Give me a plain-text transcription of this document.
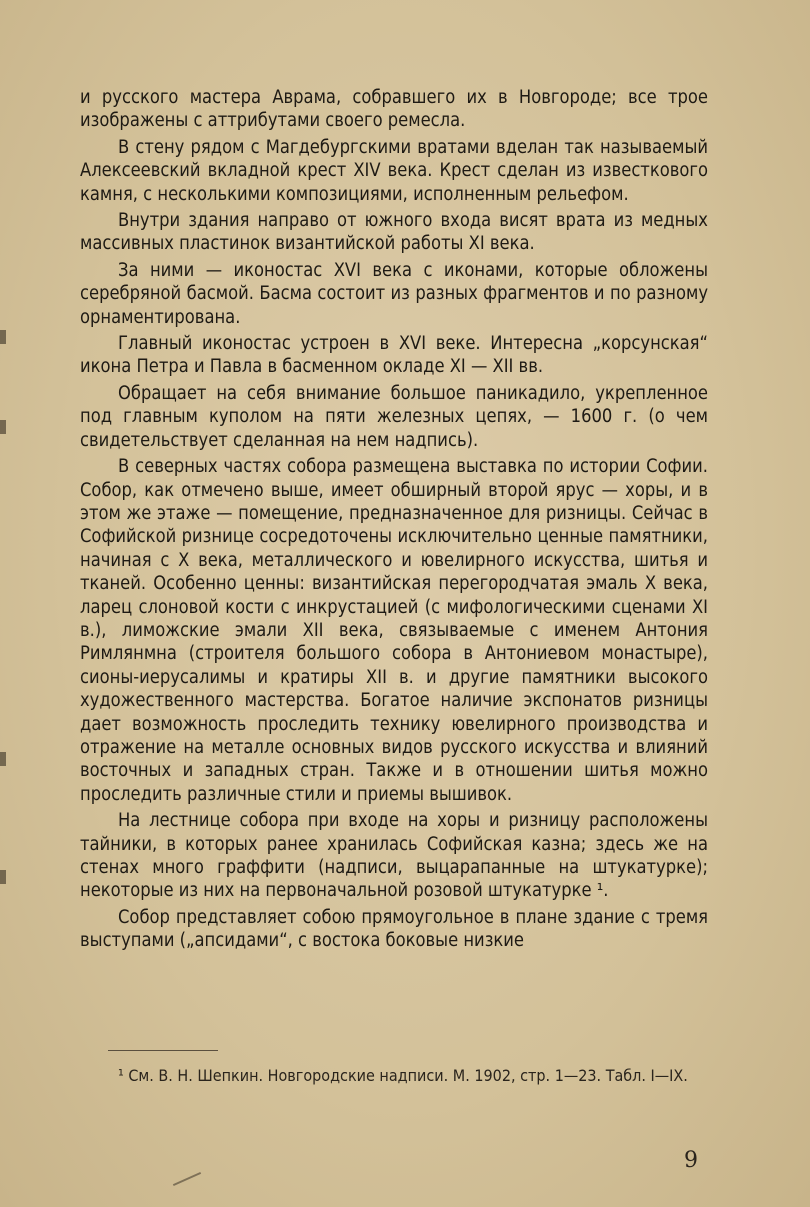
и русского мастера Аврама, собравшего их в Новгороде; все трое изображены с аттрибутами своего ремесла.

В стену рядом с Магдебургскими вратами вделан так называемый Алексеевский вкладной крест XIV века. Крест сделан из известкового камня, с несколькими композициями, исполненным рельефом.

Внутри здания направо от южного входа висят врата из медных массивных пластинок византийской работы XI века.

За ними — иконостас XVI века с иконами, которые обложены серебряной басмой. Басма состоит из разных фрагментов и по разному орнаментирована.

Главный иконостас устроен в XVI веке. Интересна „корсунская“ икона Петра и Павла в басменном окладе XI — XII вв.

Обращает на себя внимание большое паникадило, укрепленное под главным куполом на пяти железных цепях, — 1600 г. (о чем свидетельствует сделанная на нем надпись).

В северных частях собора размещена выставка по истории Софии. Собор, как отмечено выше, имеет обширный второй ярус — хоры, и в этом же этаже — помещение, предназначенное для ризницы. Сейчас в Софийской ризнице сосредоточены исключительно ценные памятники, начиная с X века, металлического и ювелирного искусства, шитья и тканей. Особенно ценны: византийская перегородчатая эмаль X века, ларец слоновой кости с инкрустацией (с мифологическими сценами XI в.), лиможские эмали XII века, связываемые с именем Антония Римлянмна (строителя большого собора в Антониевом монастыре), сионы-иерусалимы и кратиры XII в. и другие памятники высокого художественного мастерства. Богатое наличие экспонатов ризницы дает возможность проследить технику ювелирного производства и отражение на металле основных видов русского искусства и влияний восточных и западных стран. Также и в отношении шитья можно проследить различные стили и приемы вышивок.

На лестнице собора при входе на хоры и ризницу расположены тайники, в которых ранее хранилась Софийская казна; здесь же на стенах много граффити (надписи, выцарапанные на штукатурке); некоторые из них на первоначальной розовой штукатурке ¹.

Собор представляет собою прямоугольное в плане здание с тремя выступами („апсидами“, с востока боковые низкие

¹ См. В. Н. Шепкин. Новгородские надписи. М. 1902, стр. 1—23. Табл. I—IX.
9
